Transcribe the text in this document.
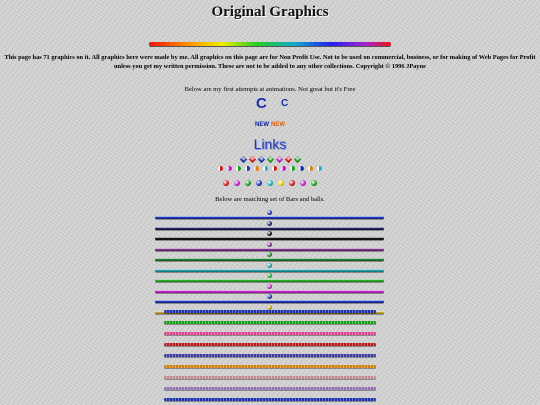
Original Graphics
This page has 71 graphics on it. All graphics here were made by me. All graphics on this page are for Non Profit Use. Not to be used on commercial, business, or for making of Web Pages for Profit unless you get my written permission. These are not to be added to any other collections. Copyright © 1996 JPayne
Below are my first attempts at animations. Not great but it's Free
C C
NEW NEW
Links
Below are matching set of Bars and balls.
